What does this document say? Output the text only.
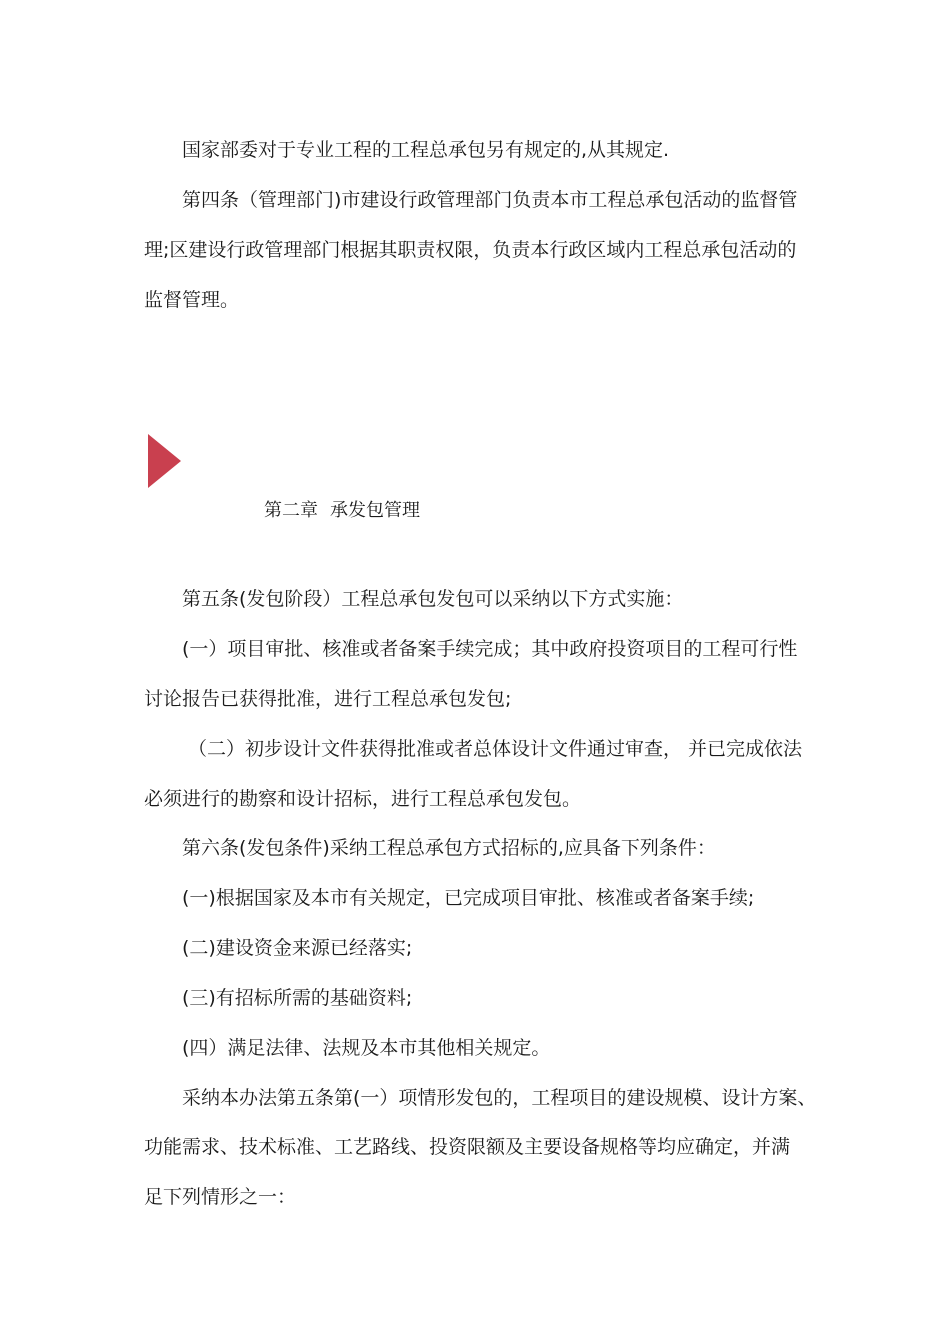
国家部委对于专业工程的工程总承包另有规定的,从其规定.
第四条（管理部门)市建设行政管理部门负责本市工程总承包活动的监督管
理;区建设行政管理部门根据其职责权限，负责本行政区域内工程总承包活动的
监督管理。
第二章 承发包管理
第五条(发包阶段）工程总承包发包可以采纳以下方式实施：
(一）项目审批、核准或者备案手续完成；其中政府投资项目的工程可行性
讨论报告已获得批准，进行工程总承包发包;
（二）初步设计文件获得批准或者总体设计文件通过审查， 并已完成依法
必须进行的勘察和设计招标，进行工程总承包发包。
第六条(发包条件)采纳工程总承包方式招标的,应具备下列条件：
(一)根据国家及本市有关规定，已完成项目审批、核准或者备案手续;
(二)建设资金来源已经落实;
(三)有招标所需的基础资料;
(四）满足法律、法规及本市其他相关规定。
采纳本办法第五条第(一）项情形发包的，工程项目的建设规模、设计方案、
功能需求、技术标准、工艺路线、投资限额及主要设备规格等均应确定，并满
足下列情形之一：
